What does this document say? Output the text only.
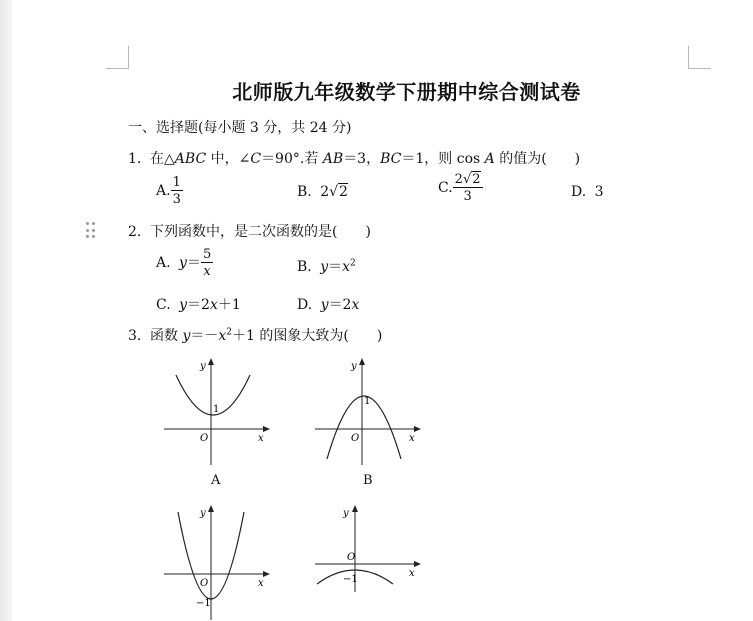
北师版九年级数学下册期中综合测试卷
一、选择题(每小题 3 分，共 24 分)
1. 在△ABC 中，∠C＝90°.若 AB＝3，BC＝1，则 cos A 的值为(　　)
A. $\frac{1}{3}$	B. 2√2	C. $\frac{2√2}{3}$	D. 3
2. 下列函数中，是二次函数的是(　　)
A. $y= \frac{5}{x}$	B. $y=x^2$
C. y＝2x＋1	D. y＝2x
3. 函数 $y=-x^2+1$ 的图象大致为(　　)
y
x
O
1
A
y
x
O
1
B
y
x
O
−1
y
x
O
−1
